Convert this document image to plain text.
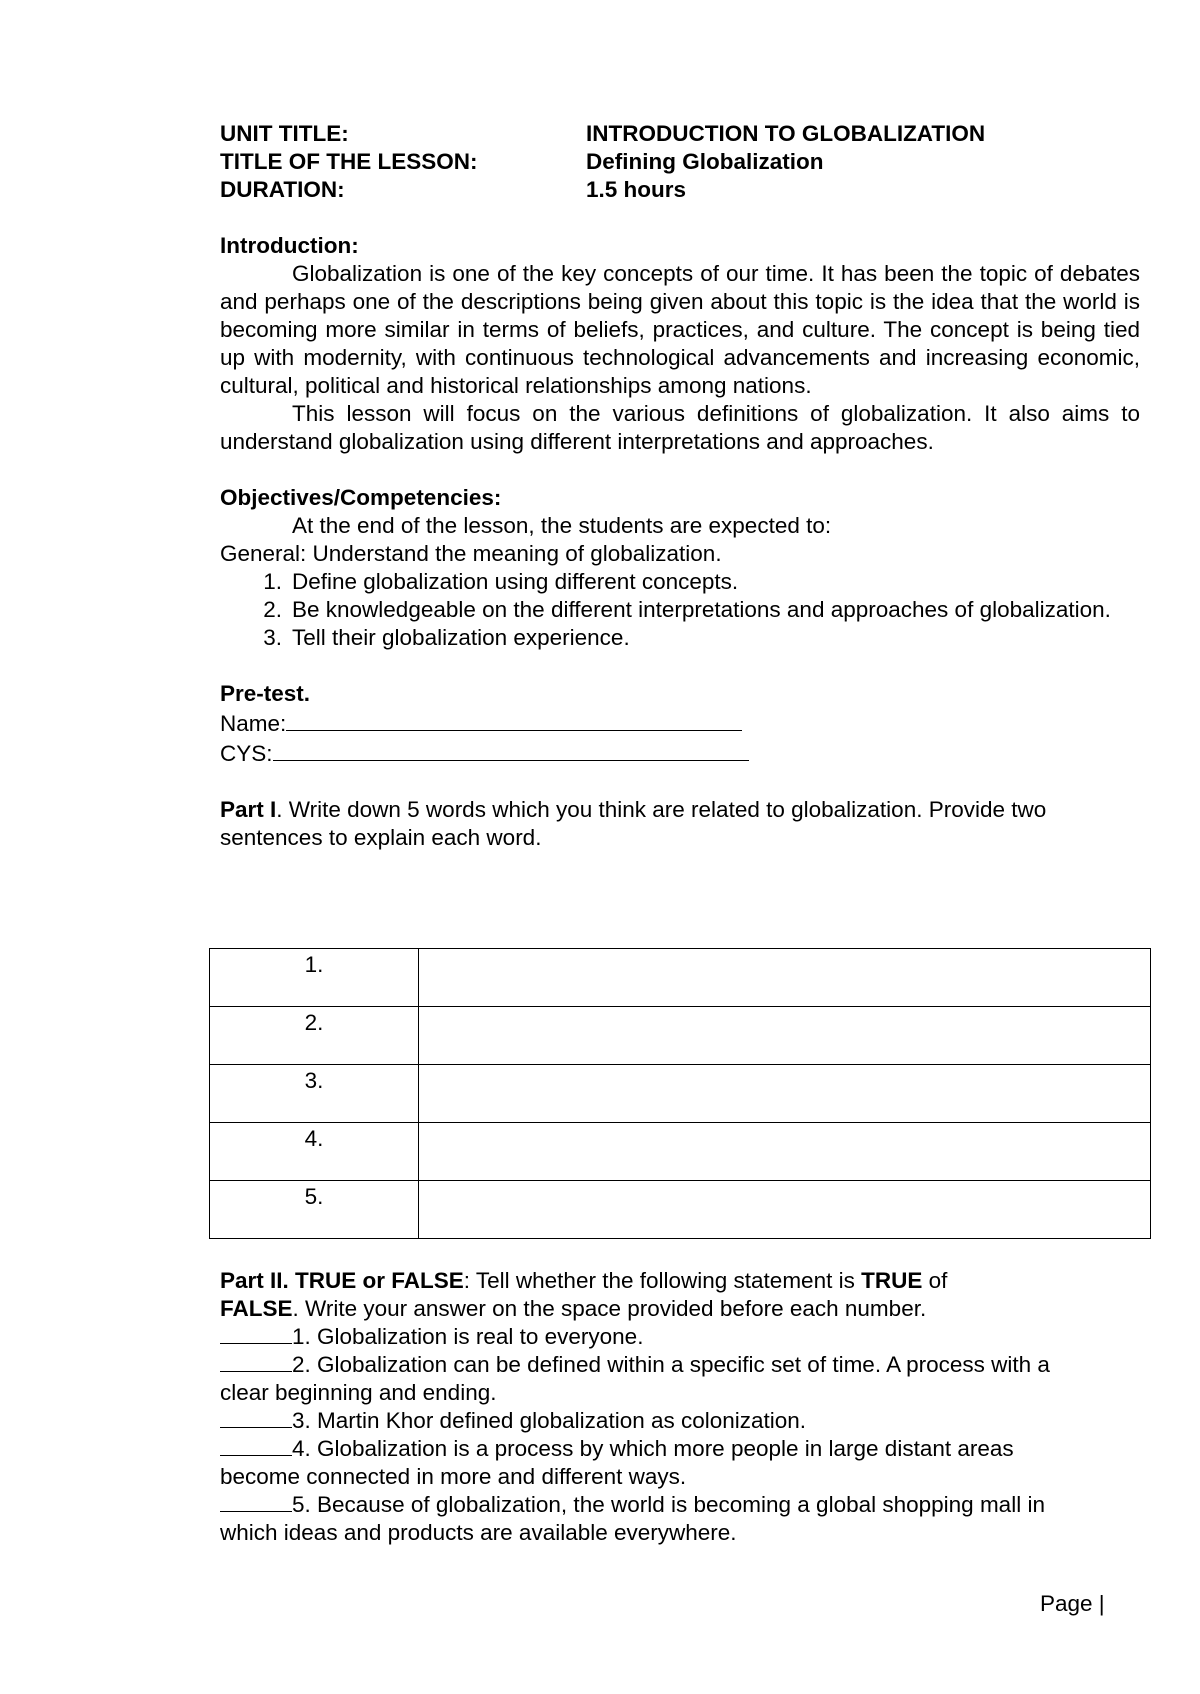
UNIT TITLE:	INTRODUCTION TO GLOBALIZATION
TITLE OF THE LESSON:	Defining Globalization
DURATION:	1.5 hours

Introduction:

Globalization is one of the key concepts of our time. It has been the topic of debates and perhaps one of the descriptions being given about this topic is the idea that the world is becoming more similar in terms of beliefs, practices, and culture. The concept is being tied up with modernity, with continuous technological advancements and increasing economic, cultural, political and historical relationships among nations.

This lesson will focus on the various definitions of globalization. It also aims to understand globalization using different interpretations and approaches.

Objectives/Competencies:

At the end of the lesson, the students are expected to:

General: Understand the meaning of globalization.

1. Define globalization using different concepts.
2. Be knowledgeable on the different interpretations and approaches of globalization.
3. Tell their globalization experience.

Pre-test.

Name:

CYS:

Part I. Write down 5 words which you think are related to globalization. Provide two sentences to explain each word.

1.	
2.	
3.	
4.	
5.	

Part II. TRUE or FALSE: Tell whether the following statement is TRUE of
FALSE. Write your answer on the space provided before each number.

1. Globalization is real to everyone.
2. Globalization can be defined within a specific set of time. A process with a
clear beginning and ending.
3. Martin Khor defined globalization as colonization.
4. Globalization is a process by which more people in large distant areas
become connected in more and different ways.
5. Because of globalization, the world is becoming a global shopping mall in
which ideas and products are available everywhere.
Page |
